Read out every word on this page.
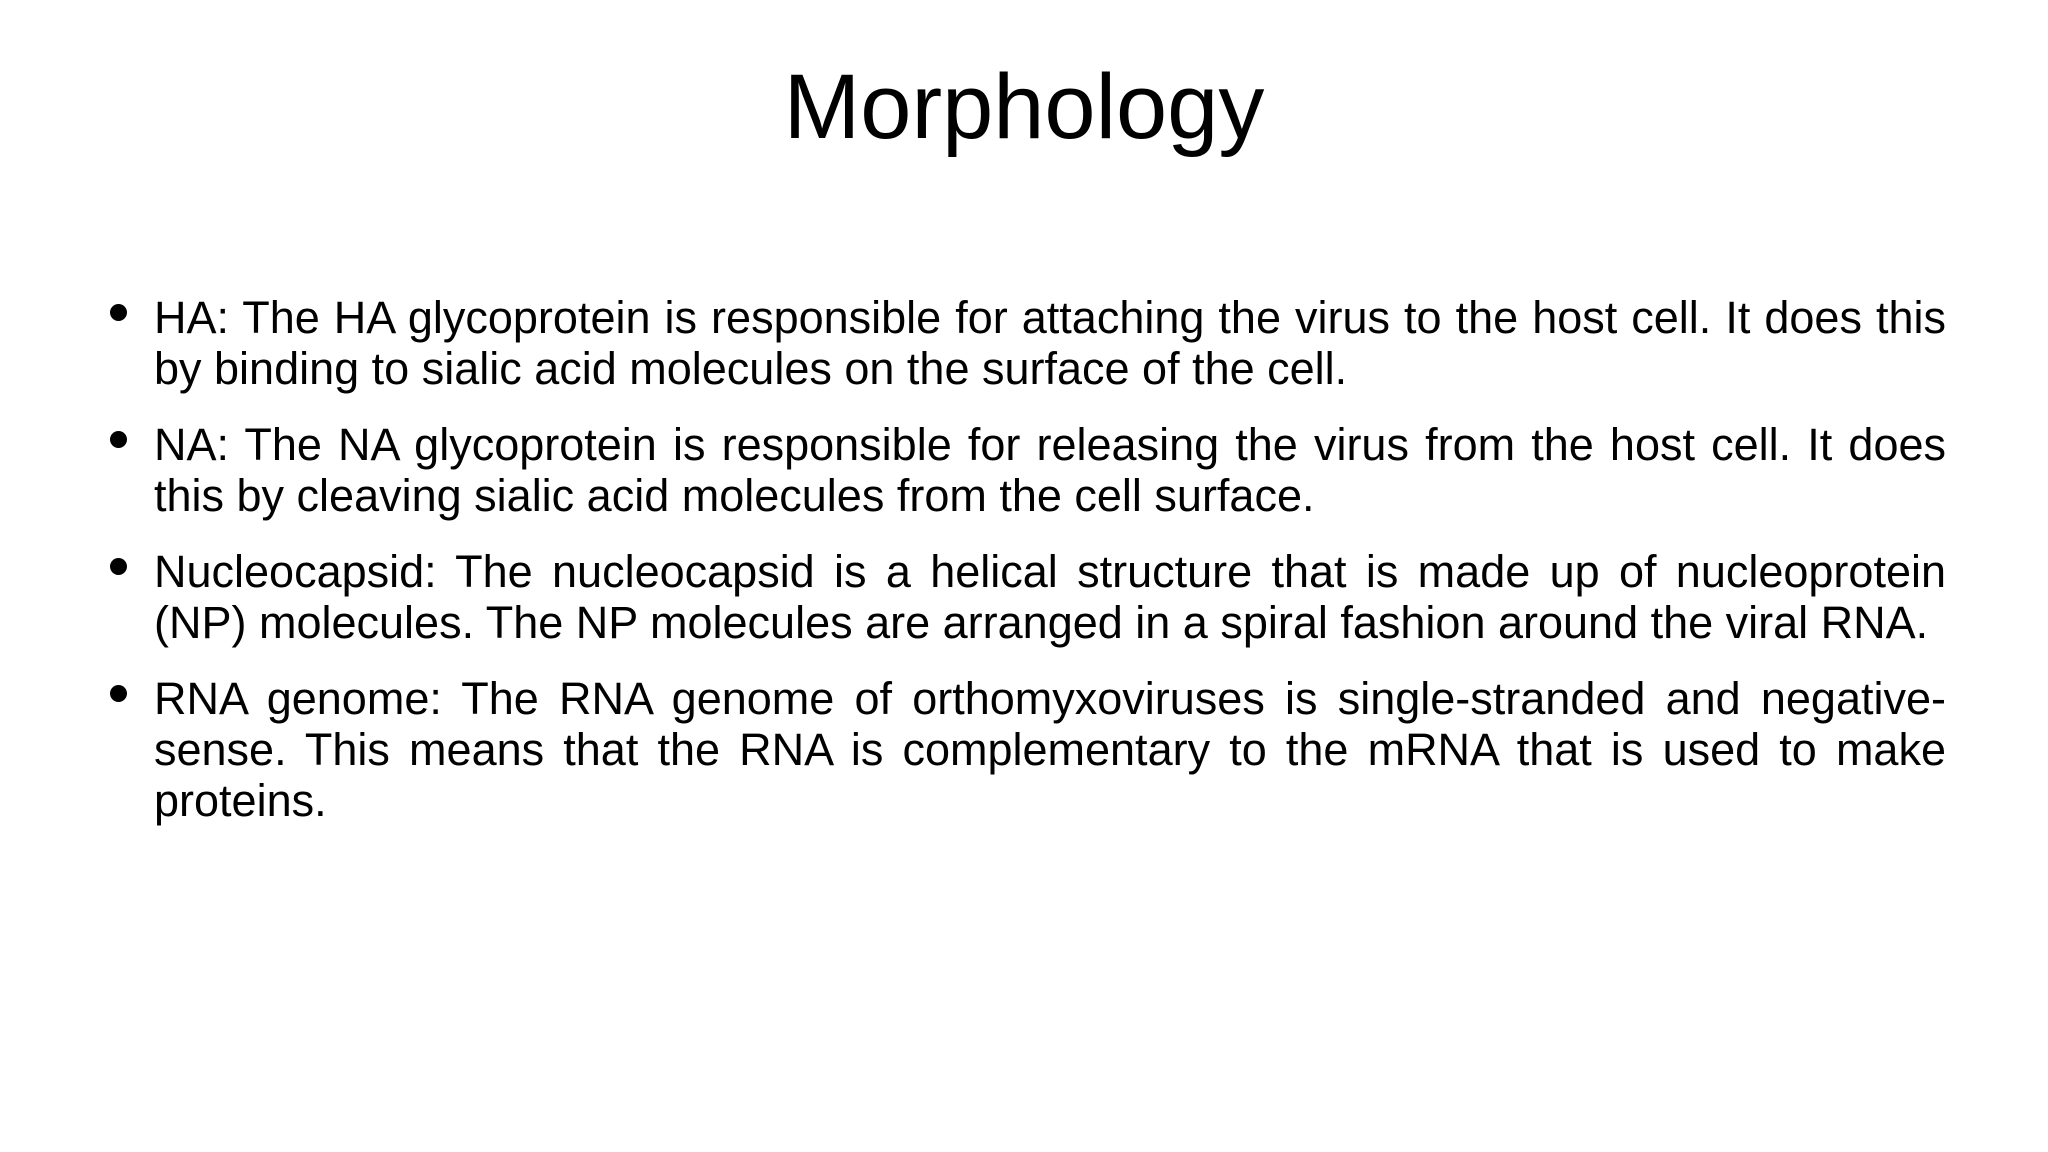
Morphology
HA: The HA glycoprotein is responsible for attaching the virus to the host cell. It does this by binding to sialic acid molecules on the surface of the cell.
NA: The NA glycoprotein is responsible for releasing the virus from the host cell. It does this by cleaving sialic acid molecules from the cell surface.
Nucleocapsid: The nucleocapsid is a helical structure that is made up of nucleoprotein (NP) molecules. The NP molecules are arranged in a spiral fashion around the viral RNA.
RNA genome: The RNA genome of orthomyxoviruses is single-stranded and negative-sense. This means that the RNA is complementary to the mRNA that is used to make proteins.
